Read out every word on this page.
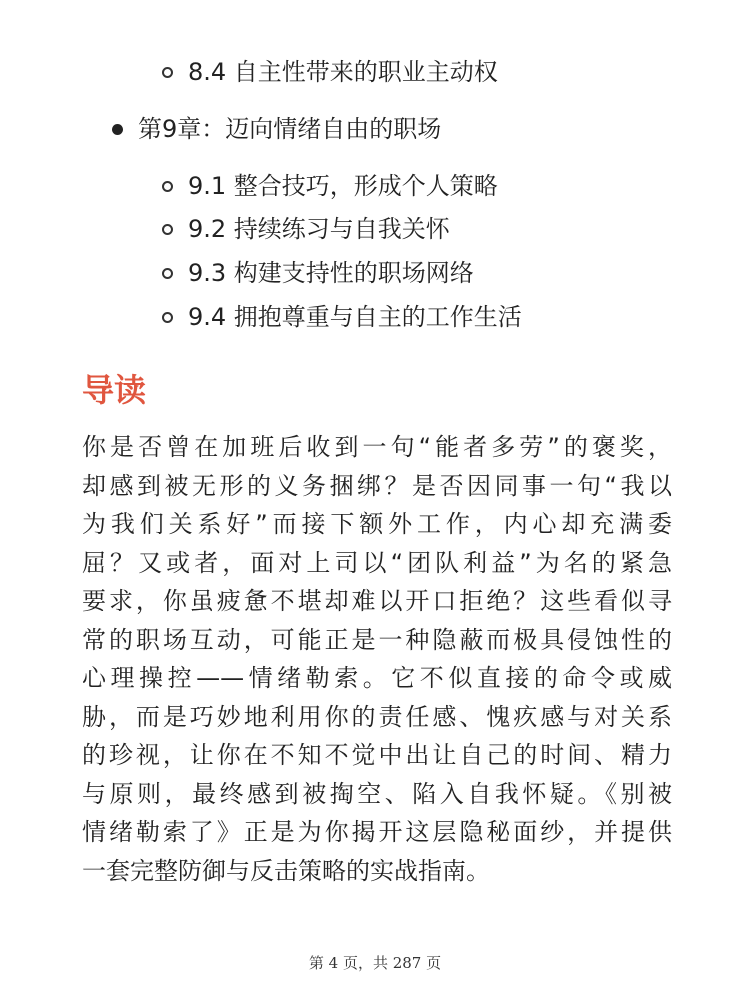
8.4 自主性带来的职业主动权
第9章：迈向情绪自由的职场
9.1 整合技巧，形成个人策略
9.2 持续练习与自我关怀
9.3 构建支持性的职场网络
9.4 拥抱尊重与自主的工作生活
导读
你是否曾在加班后收到一句“能者多劳”的褒奖，
却感到被无形的义务捆绑？是否因同事一句“我以
为我们关系好”而接下额外工作，内心却充满委
屈？又或者，面对上司以“团队利益”为名的紧急
要求，你虽疲惫不堪却难以开口拒绝？这些看似寻
常的职场互动，可能正是一种隐蔽而极具侵蚀性的
心理操控——情绪勒索。它不似直接的命令或威
胁，而是巧妙地利用你的责任感、愧疚感与对关系
的珍视，让你在不知不觉中出让自己的时间、精力
与原则，最终感到被掏空、陷入自我怀疑。《别被
情绪勒索了》正是为你揭开这层隐秘面纱，并提供
一套完整防御与反击策略的实战指南。
第 4 页，共 287 页
